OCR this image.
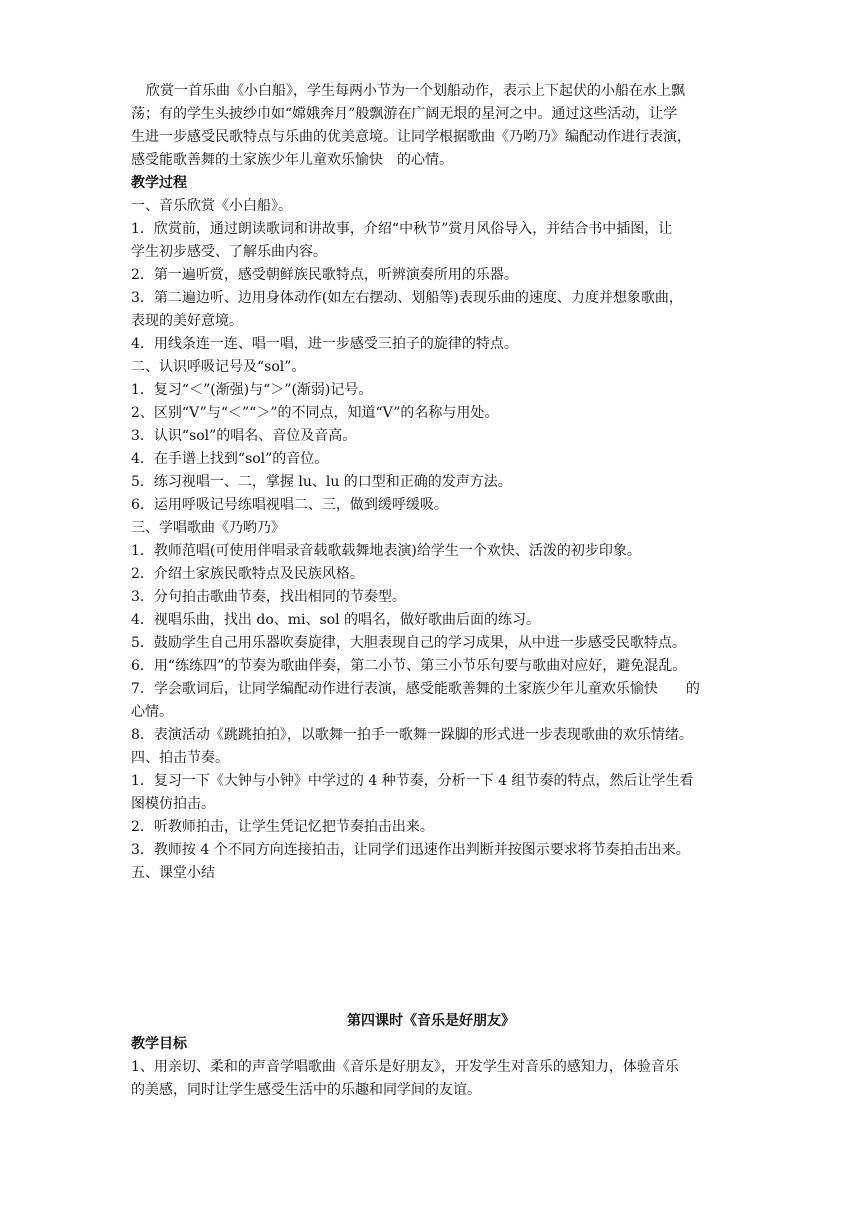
欣赏一首乐曲《小白船》，学生每两小节为一个划船动作，表示上下起伏的小船在水上飘

荡；有的学生头披纱巾如“嫦娥奔月”般飘游在广阔无垠的星河之中。通过这些活动，让学

生进一步感受民歌特点与乐曲的优美意境。让同学根据歌曲《乃哟乃》编配动作进行表演，

感受能歌善舞的土家族少年儿童欢乐愉快　的心情。

教学过程

一、音乐欣赏《小白船》。

1．欣赏前，通过朗读歌词和讲故事，介绍“中秋节”赏月风俗导入，并结合书中插图，让

学生初步感受、了解乐曲内容。

2．第一遍听赏，感受朝鲜族民歌特点，听辨演奏所用的乐器。

3．第二遍边听、边用身体动作(如左右摆动、划船等)表现乐曲的速度、力度并想象歌曲，

表现的美好意境。

4．用线条连一连、唱一唱，进一步感受三拍子的旋律的特点。

二、认识呼吸记号及“sol”。

1．复习“＜”(渐强)与“＞”(渐弱)记号。

2、区别“V”与“＜”“＞”的不同点，知道“V”的名称与用处。

3．认识“sol”的唱名、音位及音高。

4．在手谱上找到“sol”的音位。

5．练习视唱一、二，掌握 lu、lu 的口型和正确的发声方法。

6．运用呼吸记号练唱视唱二、三，做到缓呼缓吸。

三、学唱歌曲《乃哟乃》

1．教师范唱(可使用伴唱录音载歌载舞地表演)给学生一个欢快、活泼的初步印象。

2．介绍土家族民歌特点及民族风格。

3．分句拍击歌曲节奏，找出相同的节奏型。

4．视唱乐曲，找出 do、mi、sol 的唱名，做好歌曲后面的练习。

5．鼓励学生自己用乐器吹奏旋律，大胆表现自己的学习成果，从中进一步感受民歌特点。

6．用“练练四”的节奏为歌曲伴奏，第二小节、第三小节乐句要与歌曲对应好，避免混乱。

7．学会歌词后，让同学编配动作进行表演，感受能歌善舞的土家族少年儿童欢乐愉快　　的

心情。

8．表演活动《跳跳拍拍》，以歌舞一拍手一歌舞一跺脚的形式进一步表现歌曲的欢乐情绪。

四、拍击节奏。

1．复习一下《大钟与小钟》中学过的 4 种节奏，分析一下 4 组节奏的特点，然后让学生看

图模仿拍击。

2．听教师拍击，让学生凭记忆把节奏拍击出来。

3．教师按 4 个不同方向连接拍击，让同学们迅速作出判断并按图示要求将节奏拍击出来。

五、课堂小结

第四课时《音乐是好朋友》

教学目标

1、用亲切、柔和的声音学唱歌曲《音乐是好朋友》，开发学生对音乐的感知力，体验音乐

的美感，同时让学生感受生活中的乐趣和同学间的友谊。
